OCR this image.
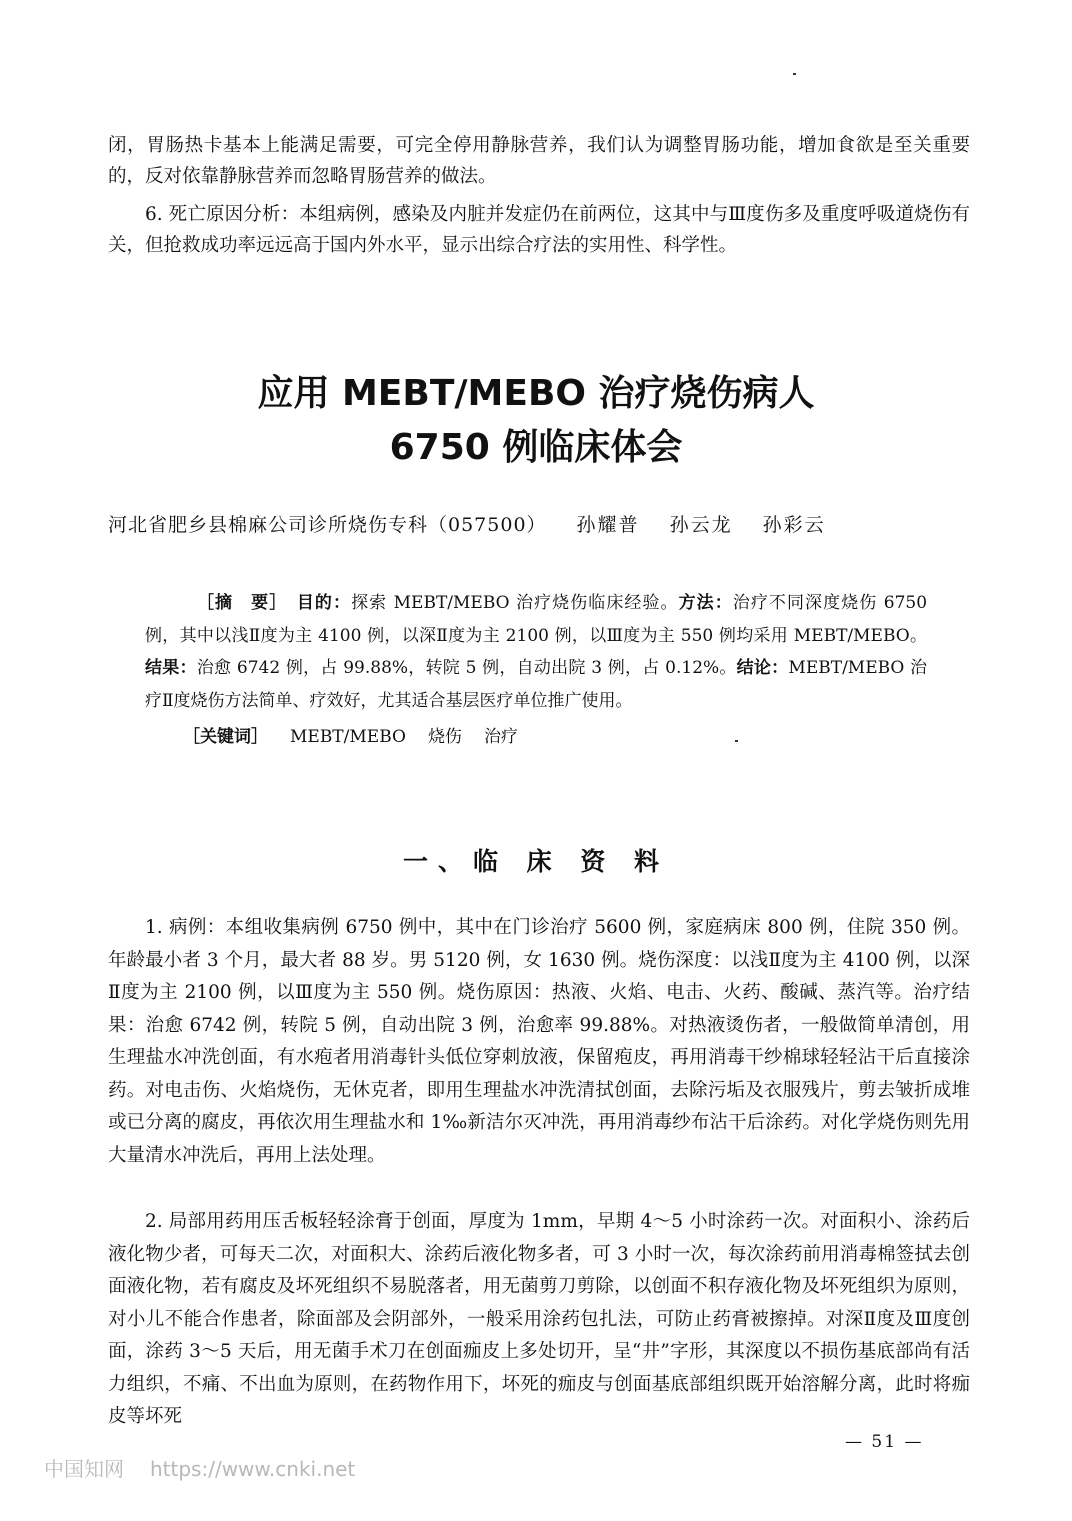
闭，胃肠热卡基本上能满足需要，可完全停用静脉营养，我们认为调整胃肠功能，增加食欲是至关重要的，反对依靠静脉营养而忽略胃肠营养的做法。
6. 死亡原因分析：本组病例，感染及内脏并发症仍在前两位，这其中与Ⅲ度伤多及重度呼吸道烧伤有关，但抢救成功率远远高于国内外水平，显示出综合疗法的实用性、科学性。
应用 MEBT/MEBO 治疗烧伤病人
6750 例临床体会
河北省肥乡县棉麻公司诊所烧伤专科（057500） 孙耀普 孙云龙 孙彩云

［摘　要］　 目的：探索 MEBT/MEBO 治疗烧伤临床经验。方法：治疗不同深度烧伤 6750 例，其中以浅Ⅱ度为主 4100 例，以深Ⅱ度为主 2100 例，以Ⅲ度为主 550 例均采用 MEBT/MEBO。结果：治愈 6742 例，占 99.88%，转院 5 例，自动出院 3 例，占 0.12%。结论：MEBT/MEBO 治疗Ⅱ度烧伤方法简单、疗效好，尤其适合基层医疗单位推广使用。

［关键词］ MEBT/MEBO 烧伤 治疗

一、临 床 资 料
1. 病例：本组收集病例 6750 例中，其中在门诊治疗 5600 例，家庭病床 800 例，住院 350 例。年龄最小者 3 个月，最大者 88 岁。男 5120 例，女 1630 例。烧伤深度：以浅Ⅱ度为主 4100 例，以深Ⅱ度为主 2100 例，以Ⅲ度为主 550 例。烧伤原因：热液、火焰、电击、火药、酸碱、蒸汽等。治疗结果：治愈 6742 例，转院 5 例，自动出院 3 例，治愈率 99.88%。对热液烫伤者，一般做简单清创，用生理盐水冲洗创面，有水疱者用消毒针头低位穿刺放液，保留疱皮，再用消毒干纱棉球轻轻沾干后直接涂药。对电击伤、火焰烧伤，无休克者，即用生理盐水冲洗清拭创面，去除污垢及衣服残片，剪去皱折成堆或已分离的腐皮，再依次用生理盐水和 1‰新洁尔灭冲洗，再用消毒纱布沾干后涂药。对化学烧伤则先用大量清水冲洗后，再用上法处理。
2. 局部用药用压舌板轻轻涂膏于创面，厚度为 1mm，早期 4～5 小时涂药一次。对面积小、涂药后液化物少者，可每天二次，对面积大、涂药后液化物多者，可 3 小时一次，每次涂药前用消毒棉签拭去创面液化物，若有腐皮及坏死组织不易脱落者，用无菌剪刀剪除，以创面不积存液化物及坏死组织为原则，对小儿不能合作患者，除面部及会阴部外，一般采用涂药包扎法，可防止药膏被擦掉。对深Ⅱ度及Ⅲ度创面，涂药 3～5 天后，用无菌手术刀在创面痂皮上多处切开，呈“井”字形，其深度以不损伤基底部尚有活力组织，不痛、不出血为原则，在药物作用下，坏死的痂皮与创面基底部组织既开始溶解分离，此时将痂皮等坏死
— 51 —
中国知网 https://www.cnki.net
